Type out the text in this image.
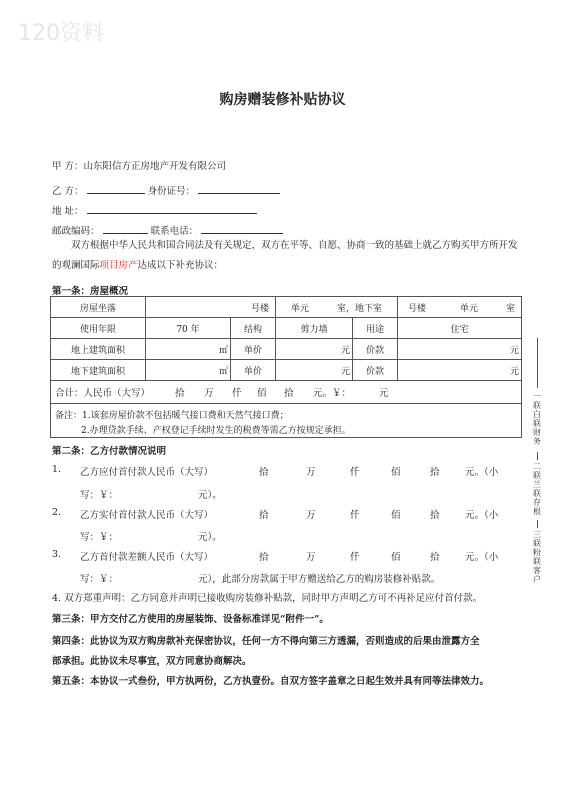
120资料
购房赠装修补贴协议
甲 方：山东阳信方正房地产开发有限公司
乙 方：	身份证号：
地 址：
邮政编码：	联系电话：
双方根据中华人民共和国合同法及有关规定，双方在平等、自愿、协商一致的基础上就乙方购买甲方所开发的观澜国际项目房产达成以下补充协议：
第一条：房屋概况
房屋坐落	号楼		单元 室，地下室		号楼 单元 室
使用年限	70 年	结构	剪力墙	用途	住宅
地上建筑面积	㎡	单价	元	价款	元
地下建筑面积	㎡	单价	元	价款	元
合计：人民币（大写）	拾 万 仟 佰 拾 元。￥：	元
备注：1.该套房屋价款不包括暖气接口费和天然气接口费；
2.办理贷款手续、产权登记手续时发生的税费等需乙方按规定承担。
第二条：乙方付款情况说明
1. 乙方应付首付款人民币（大写）	拾	万	仟	佰	拾	元。（小
写：￥：	元）。
2. 乙方实付首付款人民币（大写）	拾	万	仟	佰	拾	元。（小
写：￥：	元）。
3. 乙方首付款差额人民币（大写）	拾	万	仟	佰	拾	元。（小
写：￥：	元），此部分房款属于甲方赠送给乙方的购房装修补贴款。
4. 双方郑重声明：乙方同意并声明已接收购房装修补贴款，同时甲方声明乙方可不再补足应付首付款。
第三条：甲方交付乙方使用的房屋装饰、设备标准详见“附件一”。
第四条：此协议为双方购房款补充保密协议，任何一方不得向第三方透漏，否则造成的后果由泄露方全
部承担。此协议未尽事宜，双方同意协商解决。
第五条：本协议一式叁份，甲方执两份，乙方执壹份。自双方签字盖章之日起生效并具有同等法律效力。
一联白联财务
二联兰联存根
三联粉联客户
